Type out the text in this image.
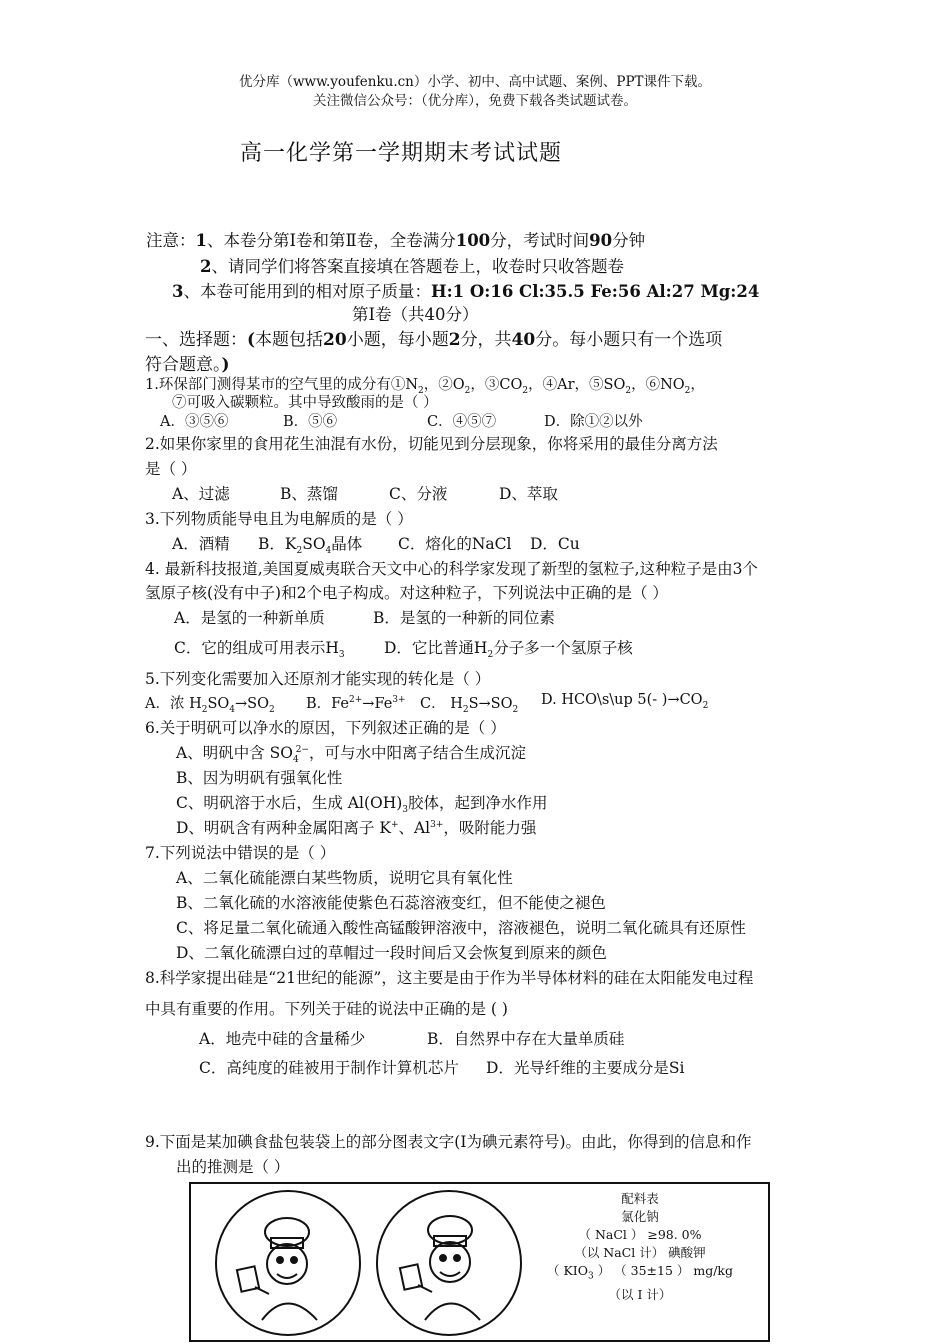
优分库（www.youfenku.cn）小学、初中、高中试题、案例、PPT课件下载。
关注微信公众号：（优分库），免费下载各类试题试卷。
高一化学第一学期期末考试试题
注意：1、本卷分第Ⅰ卷和第Ⅱ卷，全卷满分100分，考试时间90分钟
2、请同学们将答案直接填在答题卷上，收卷时只收答题卷
3、本卷可能用到的相对原子质量：H:1 O:16 Cl:35.5 Fe:56 Al:27 Mg:24
第Ⅰ卷（共40分）
一、选择题：(本题包括20小题，每小题2分，共40分。每小题只有一个选项
符合题意。)
1.环保部门测得某市的空气里的成分有$①N_2$，$②O_2$，$③CO_2$，④Ar，$⑤SO_2$，$⑥NO_2$，
⑦可吸入碳颗粒。其中导致酸雨的是（ ）
A．③⑤⑥	B．⑤⑥	C．④⑤⑦	D．除①②以外
2.如果你家里的食用花生油混有水份，切能见到分层现象，你将采用的最佳分离方法
是（ ）
A、过滤	B、蒸馏	C、分液	D、萃取
3.下列物质能导电且为电解质的是（ ）
A．酒精 B．$K_2SO_4$晶体 C．熔化的NaCl D．Cu
4. 最新科技报道,美国夏威夷联合天文中心的科学家发现了新型的氢粒子,这种粒子是由3个
氢原子核(没有中子)和2个电子构成。对这种粒子，下列说法中正确的是（ ）
A．是氢的一种新单质	B．是氢的一种新的同位素
C．它的组成可用表示$H_3$	D．它比普通$H_2$分子多一个氢原子核
5.下列变化需要加入还原剂才能实现的转化是（ ）
A．浓 $H_2SO_4\to SO_2$ B．$Fe^{2+}\to Fe^{3+}$ C． $H_2S\to SO_2$
D. HCO\s\up 5(- )$\to CO_2$
6.关于明矾可以净水的原因，下列叙述正确的是（ ）
A、明矾中含 $SO_4^{2-}$，可与水中阳离子结合生成沉淀
B、因为明矾有强氧化性
C、明矾溶于水后，生成 $Al(OH)_3$胶体，起到净水作用
D、明矾含有两种金属阳离子 K+、$Al^{3+}$，吸附能力强
7.下列说法中错误的是（ ）
A、二氧化硫能漂白某些物质，说明它具有氧化性
B、二氧化硫的水溶液能使紫色石蕊溶液变红，但不能使之褪色
C、将足量二氧化硫通入酸性高锰酸钾溶液中，溶液褪色，说明二氧化硫具有还原性
D、二氧化硫漂白过的草帽过一段时间后又会恢复到原来的颜色
8.科学家提出硅是“21世纪的能源”，这主要是由于作为半导体材料的硅在太阳能发电过程
中具有重要的作用。下列关于硅的说法中正确的是 ( )
A．地壳中硅的含量稀少	B．自然界中存在大量单质硅
C．高纯度的硅被用于制作计算机芯片 D．光导纤维的主要成分是Si
9.下面是某加碘食盐包装袋上的部分图表文字(I为碘元素符号)。由此，你得到的信息和作
出的推测是（ ）
配料表
氯化钠
（ NaCl ） ≥98. 0%
（以 NaCl 计） 碘酸钾
（ $KIO_3$ ） （ 35±15 ） mg/kg
（以 I 计）
